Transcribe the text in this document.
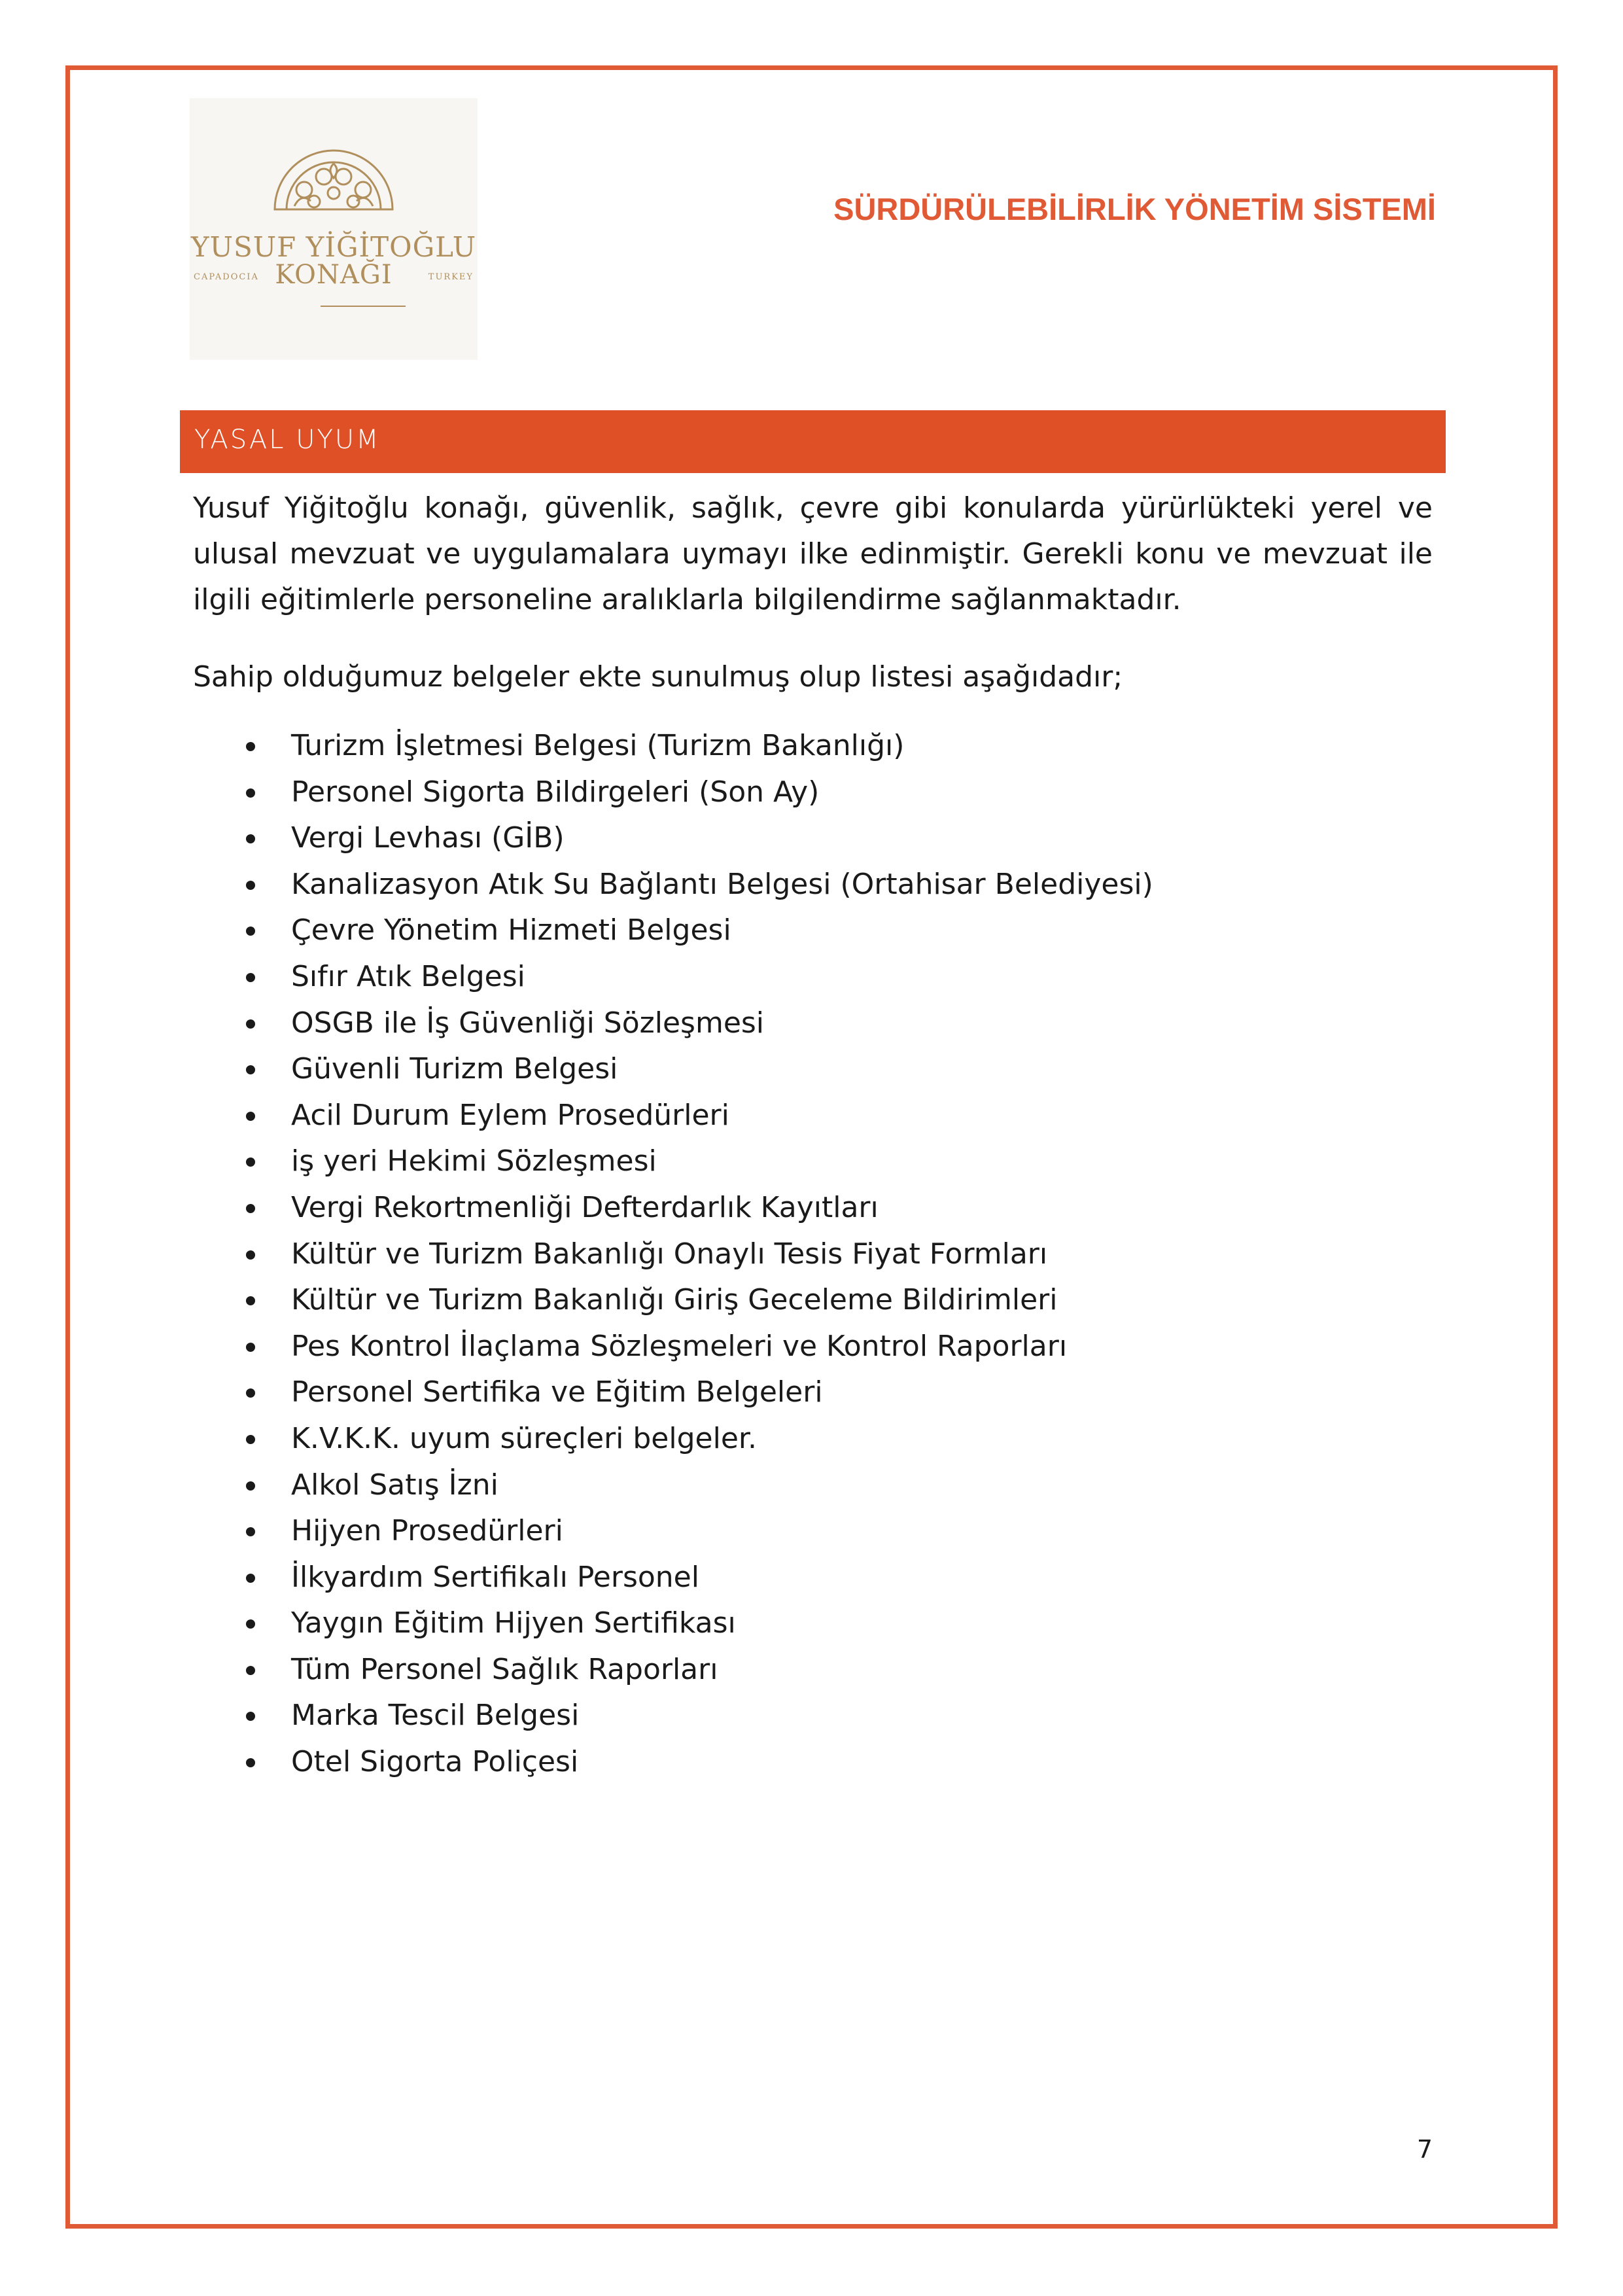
YUSUF YİĞİTOĞLU
CAPADOCIA KONAĞI	TURKEY
SÜRDÜRÜLEBİLİRLİK YÖNETİM SİSTEMİ
YASAL UYUM

Yusuf Yiğitoğlu konağı, güvenlik, sağlık, çevre gibi konularda yürürlükteki yerel ve ulusal mevzuat ve uygulamalara uymayı ilke edinmiştir. Gerekli konu ve mevzuat ile ilgili eğitimlerle personeline aralıklarla bilgilendirme sağlanmaktadır.

Sahip olduğumuz belgeler ekte sunulmuş olup listesi aşağıdadır;

Turizm İşletmesi Belgesi (Turizm Bakanlığı)
Personel Sigorta Bildirgeleri (Son Ay)
Vergi Levhası (GİB)
Kanalizasyon Atık Su Bağlantı Belgesi (Ortahisar Belediyesi)
Çevre Yönetim Hizmeti Belgesi
Sıfır Atık Belgesi
OSGB ile İş Güvenliği Sözleşmesi
Güvenli Turizm Belgesi
Acil Durum Eylem Prosedürleri
iş yeri Hekimi Sözleşmesi
Vergi Rekortmenliği Defterdarlık Kayıtları
Kültür ve Turizm Bakanlığı Onaylı Tesis Fiyat Formları
Kültür ve Turizm Bakanlığı Giriş Geceleme Bildirimleri
Pes Kontrol İlaçlama Sözleşmeleri ve Kontrol Raporları
Personel Sertifika ve Eğitim Belgeleri
K.V.K.K. uyum süreçleri belgeler.
Alkol Satış İzni
Hijyen Prosedürleri
İlkyardım Sertifikalı Personel
Yaygın Eğitim Hijyen Sertifikası
Tüm Personel Sağlık Raporları
Marka Tescil Belgesi
Otel Sigorta Poliçesi
7
